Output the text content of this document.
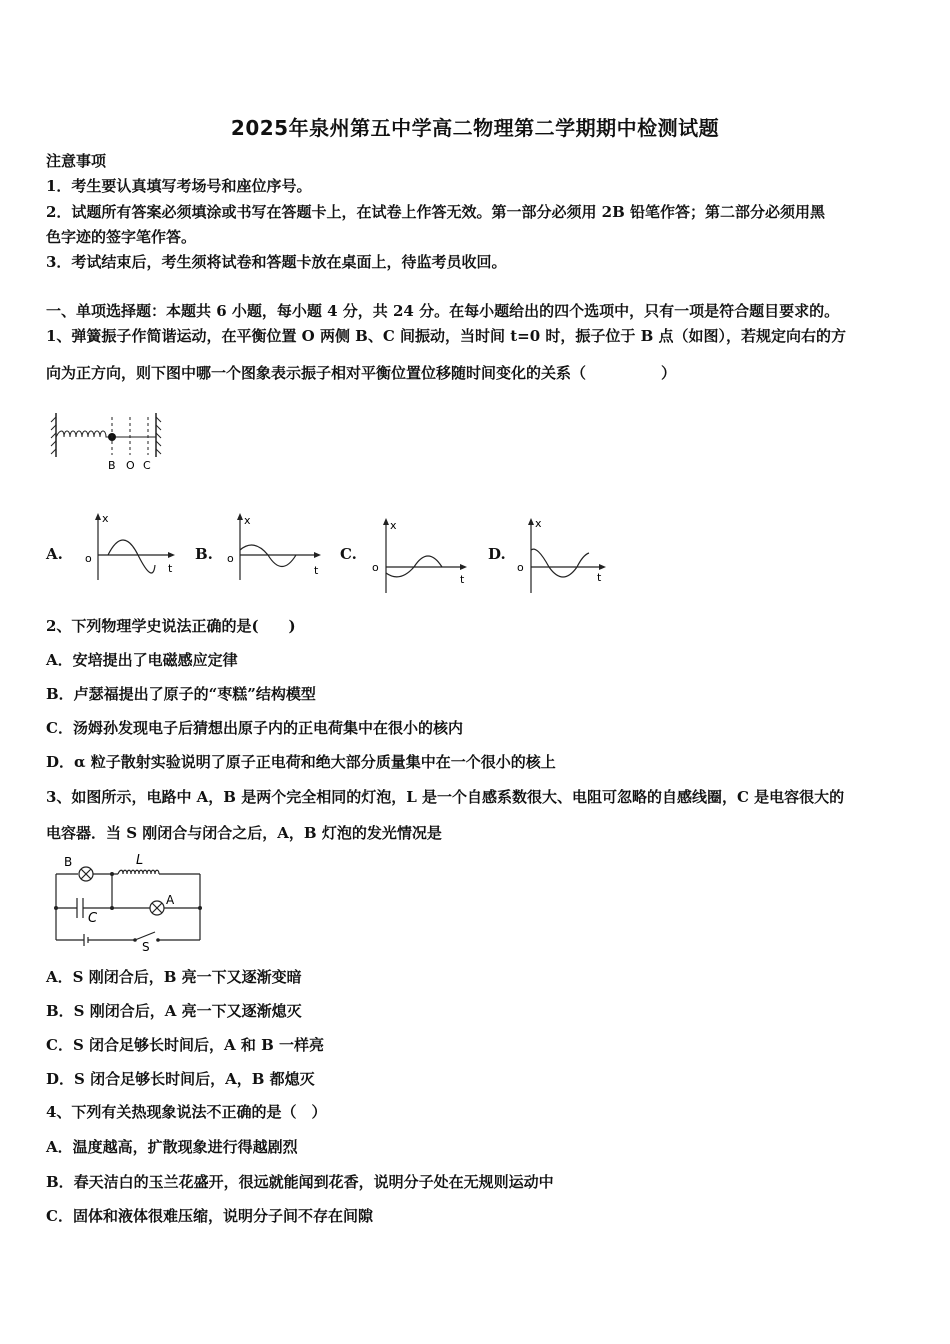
2025年泉州第五中学高二物理第二学期期中检测试题
注意事项
1．考生要认真填写考场号和座位序号。
2．试题所有答案必须填涂或书写在答题卡上，在试卷上作答无效。第一部分必须用 2B 铅笔作答；第二部分必须用黑
色字迹的签字笔作答。
3．考试结束后，考生须将试卷和答题卡放在桌面上，待监考员收回。
一、单项选择题：本题共 6 小题，每小题 4 分，共 24 分。在每小题给出的四个选项中，只有一项是符合题目要求的。
1、弹簧振子作简谐运动，在平衡位置 O 两侧 B、C 间振动，当时间 t=0 时，振子位于 B 点（如图），若规定向右的方
向为正方向，则下图中哪一个图象表示振子相对平衡位置位移随时间变化的关系（　　　　　）
B O C
A.
x
o
t
B.
x
o
t
C.
x
o
t
D.
x
o
t
2、下列物理学史说法正确的是(　　)
A．安培提出了电磁感应定律
B．卢瑟福提出了原子的“枣糕”结构模型
C．汤姆孙发现电子后猜想出原子内的正电荷集中在很小的核内
D．α 粒子散射实验说明了原子正电荷和绝大部分质量集中在一个很小的核上
3、如图所示，电路中 A，B 是两个完全相同的灯泡，L 是一个自感系数很大、电阻可忽略的自感线圈，C 是电容很大的
电容器．当 S 刚闭合与闭合之后，A，B 灯泡的发光情况是
B	L
A
C
S
A．S 刚闭合后，B 亮一下又逐渐变暗
B．S 刚闭合后，A 亮一下又逐渐熄灭
C．S 闭合足够长时间后，A 和 B 一样亮
D．S 闭合足够长时间后，A，B 都熄灭
4、下列有关热现象说法不正确的是（　）
A．温度越高，扩散现象进行得越剧烈
B．春天洁白的玉兰花盛开，很远就能闻到花香，说明分子处在无规则运动中
C．固体和液体很难压缩，说明分子间不存在间隙
